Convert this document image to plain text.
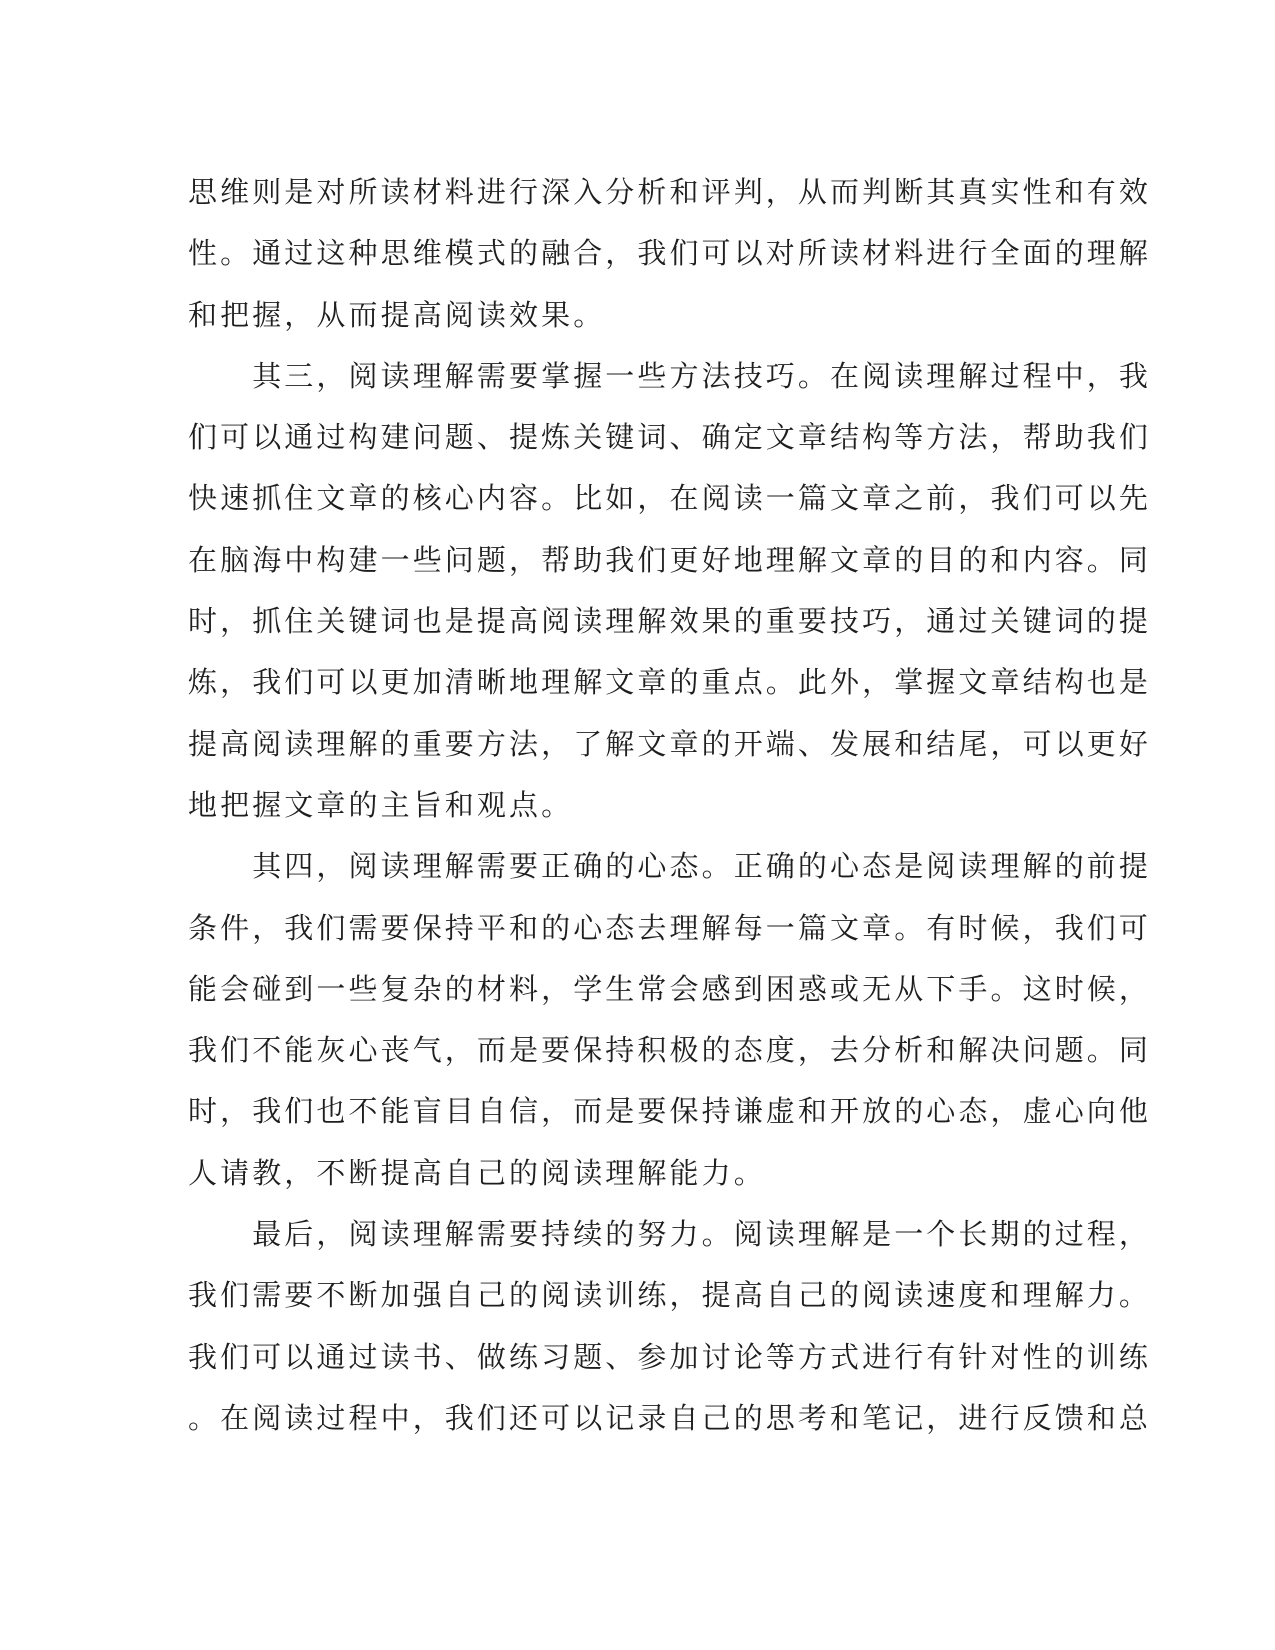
思维则是对所读材料进行深入分析和评判，从而判断其真实性和有效
性。通过这种思维模式的融合，我们可以对所读材料进行全面的理解
和把握，从而提高阅读效果。
　　其三，阅读理解需要掌握一些方法技巧。在阅读理解过程中，我
们可以通过构建问题、提炼关键词、确定文章结构等方法，帮助我们
快速抓住文章的核心内容。比如，在阅读一篇文章之前，我们可以先
在脑海中构建一些问题，帮助我们更好地理解文章的目的和内容。同
时，抓住关键词也是提高阅读理解效果的重要技巧，通过关键词的提
炼，我们可以更加清晰地理解文章的重点。此外，掌握文章结构也是
提高阅读理解的重要方法，了解文章的开端、发展和结尾，可以更好
地把握文章的主旨和观点。
　　其四，阅读理解需要正确的心态。正确的心态是阅读理解的前提
条件，我们需要保持平和的心态去理解每一篇文章。有时候，我们可
能会碰到一些复杂的材料，学生常会感到困惑或无从下手。这时候，
我们不能灰心丧气，而是要保持积极的态度，去分析和解决问题。同
时，我们也不能盲目自信，而是要保持谦虚和开放的心态，虚心向他
人请教，不断提高自己的阅读理解能力。
　　最后，阅读理解需要持续的努力。阅读理解是一个长期的过程，
我们需要不断加强自己的阅读训练，提高自己的阅读速度和理解力。
我们可以通过读书、做练习题、参加讨论等方式进行有针对性的训练
。在阅读过程中，我们还可以记录自己的思考和笔记，进行反馈和总
